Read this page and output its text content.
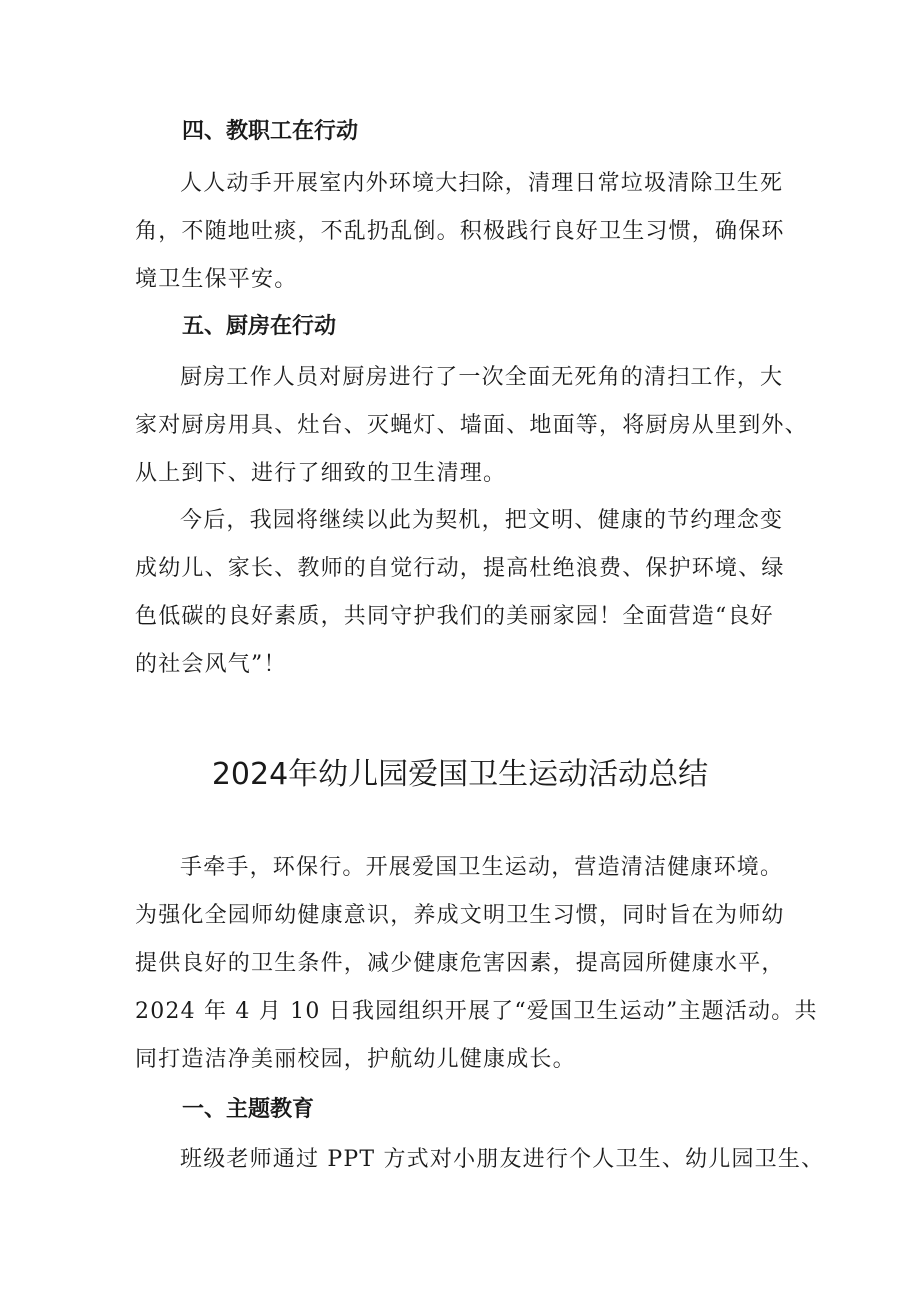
四、教职工在行动
人人动手开展室内外环境大扫除，清理日常垃圾清除卫生死
角，不随地吐痰，不乱扔乱倒。积极践行良好卫生习惯，确保环
境卫生保平安。
五、厨房在行动
厨房工作人员对厨房进行了一次全面无死角的清扫工作，大
家对厨房用具、灶台、灭蝇灯、墙面、地面等，将厨房从里到外、
从上到下、进行了细致的卫生清理。
今后，我园将继续以此为契机，把文明、健康的节约理念变
成幼儿、家长、教师的自觉行动，提高杜绝浪费、保护环境、绿
色低碳的良好素质，共同守护我们的美丽家园！全面营造“良好
的社会风气”！
2024年幼儿园爱国卫生运动活动总结
手牵手，环保行。开展爱国卫生运动，营造清洁健康环境。
为强化全园师幼健康意识，养成文明卫生习惯，同时旨在为师幼
提供良好的卫生条件，减少健康危害因素，提高园所健康水平，
2024 年 4 月 10 日我园组织开展了“爱国卫生运动”主题活动。共
同打造洁净美丽校园，护航幼儿健康成长。
一、主题教育
班级老师通过 PPT 方式对小朋友进行个人卫生、幼儿园卫生、
